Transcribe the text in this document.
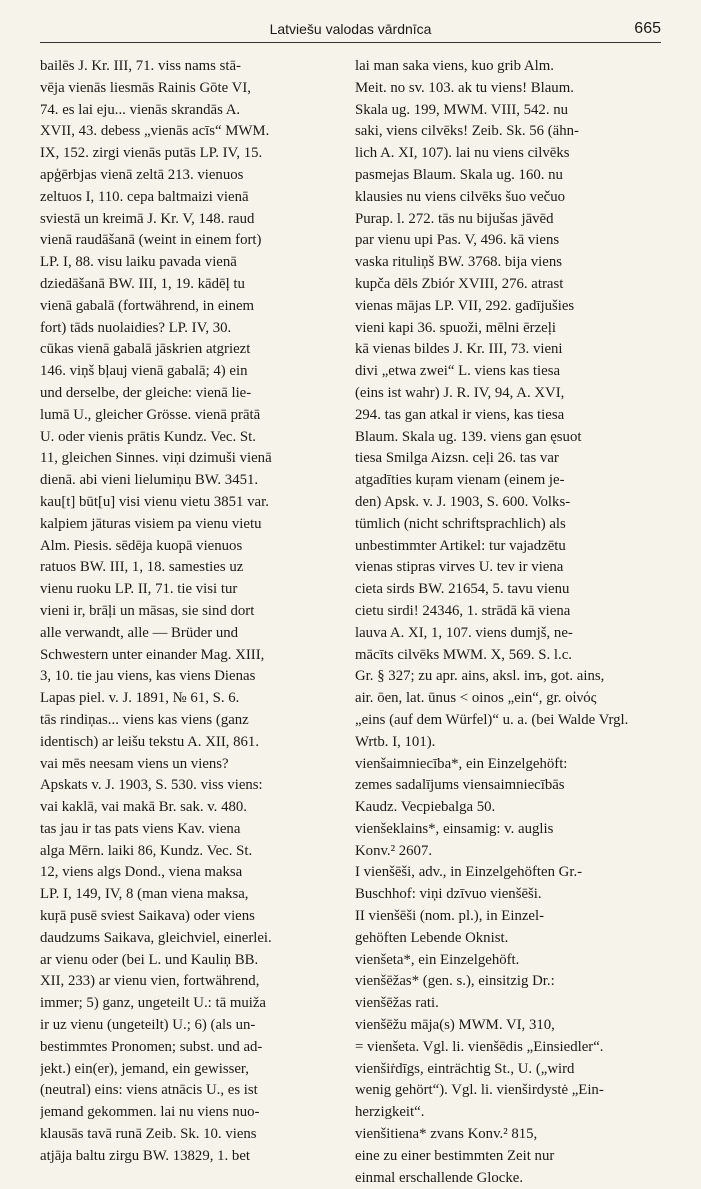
Latviešu valodas vārdnīca	665
bailēs J. Kr. III, 71. viss nams stā-
vēja vienās liesmās Rainis Gōte VI,
74. es lai eju... vienās skrandās A.
XVII, 43. debess „vienās acīs“ MWM.
IX, 152. zirgi vienās putās LP. IV, 15.
apģērbjas vienā zeltā 213. vienuos
zeltuos I, 110. cepa baltmaizi vienā
sviestā un kreimā J. Kr. V, 148. raud
vienā raudāšanā (weint in einem fort)
LP. I, 88. visu laiku pavada vienā
dziedāšanā BW. III, 1, 19. kādēļ tu
vienā gabalā (fortwährend, in einem
fort) tāds nuolaidies? LP. IV, 30.
cūkas vienā gabalā jāskrien atgriezt
146. viņš bļauj vienā gabalā; 4) ein
und derselbe, der gleiche: vienā lie-
lumā U., gleicher Grösse. vienā prātā
U. oder vienis prātis Kundz. Vec. St.
11, gleichen Sinnes. viņi dzimuši vienā
dienā. abi vieni lielumiņu BW. 3451.
kau[t] būt[u] visi vienu vietu 3851 var.
kalpiem jāturas visiem pa vienu vietu
Alm. Piesis. sēdēja kuopā vienuos
ratuos BW. III, 1, 18. samesties uz
vienu ruoku LP. II, 71. tie visi tur
vieni ir, brāļi un māsas, sie sind dort
alle verwandt, alle — Brüder und
Schwestern unter einander Mag. XIII,
3, 10. tie jau viens, kas viens Dienas
Lapas piel. v. J. 1891, № 61, S. 6.
tās rindiņas... viens kas viens (ganz
identisch) ar leišu tekstu A. XII, 861.
vai mēs neesam viens un viens?
Apskats v. J. 1903, S. 530. viss viens:
vai kaklā, vai makā Br. sak. v. 480.
tas jau ir tas pats viens Kav. viena
alga Mērn. laiki 86, Kundz. Vec. St.
12, viens algs Dond., viena maksa
LP. I, 149, IV, 8 (man viena maksa,
kuŗā pusē sviest Saikava) oder viens
daudzums Saikava, gleichviel, einerlei.
ar vienu oder (bei L. und Kauliņ BB.
XII, 233) ar vienu vien, fortwährend,
immer; 5) ganz, ungeteilt U.: tā muiža
ir uz vienu (ungeteilt) U.; 6) (als un-
bestimmtes Pronomen; subst. und ad-
jekt.) ein(er), jemand, ein gewisser,
(neutral) eins: viens atnācis U., es ist
jemand gekommen. lai nu viens nuo-
klausās tavā runā Zeib. Sk. 10. viens
atjāja baltu zirgu BW. 13829, 1. bet
lai man saka viens, kuo grib Alm.
Meit. no sv. 103. ak tu viens! Blaum.
Skala ug. 199, MWM. VIII, 542. nu
saki, viens cilvēks! Zeib. Sk. 56 (ähn-
lich A. XI, 107). lai nu viens cilvēks
pasmejas Blaum. Skala ug. 160. nu
klausies nu viens cilvēks šuo večuo
Purap. l. 272. tās nu bijušas jāvēd
par vienu upi Pas. V, 496. kā viens
vaska rituliņš BW. 3768. bija viens
kupča dēls Zbiór XVIII, 276. atrast
vienas mājas LP. VII, 292. gadījušies
vieni kapi 36. spuoži, mēlni ērzeļi
kā vienas bildes J. Kr. III, 73. vieni
divi „etwa zwei“ L. viens kas tiesa
(eins ist wahr) J. R. IV, 94, A. XVI,
294. tas gan atkal ir viens, kas tiesa
Blaum. Skala ug. 139. viens gan ęsuot
tiesa Smilga Aizsn. ceļi 26. tas var
atgadīties kuŗam vienam (einem je-
den) Apsk. v. J. 1903, S. 600. Volks-
tümlich (nicht schriftsprachlich) als
unbestimmter Artikel: tur vajadzētu
vienas stipras virves U. tev ir viena
cieta sirds BW. 21654, 5. tavu vienu
cietu sirdi! 24346, 1. strādā kā viena
lauva A. XI, 1, 107. viens dumjš, ne-
mācīts cilvēks MWM. X, 569. S. l.c.
Gr. § 327; zu apr. ains, aksl. inъ, got. ains,
air. ōen, lat. ūnus < oinos „ein“, gr. οἰνός
„eins (auf dem Würfel)“ u. a. (bei Walde Vrgl.
Wrtb. I, 101).
vienšaimniecība*, ein Einzelgehöft:
zemes sadalījums viensaimniecībās
Kaudz. Vecpiebalga 50.
vienšeklains*, einsamig: v. auglis
Konv.² 2607.
I vienšēši, adv., in Einzelgehöften Gr.-
Buschhof: viņi dzīvuo vienšēši.
II vienšēši (nom. pl.), in Einzel-
gehöften Lebende Oknist.
vienšeta*, ein Einzelgehöft.
vienšēžas* (gen. s.), einsitzig Dr.:
vienšēžas rati.
vienšēžu māja(s) MWM. VI, 310,
= vienšeta. Vgl. li. vienšēdis „Einsiedler“.
vienšiṙdīgs, einträchtig St., U. („wird
wenig gehört“). Vgl. li. vienširdystė „Ein-
herzigkeit“.
vienšitiena* zvans Konv.² 815,
eine zu einer bestimmten Zeit nur
einmal erschallende Glocke.
